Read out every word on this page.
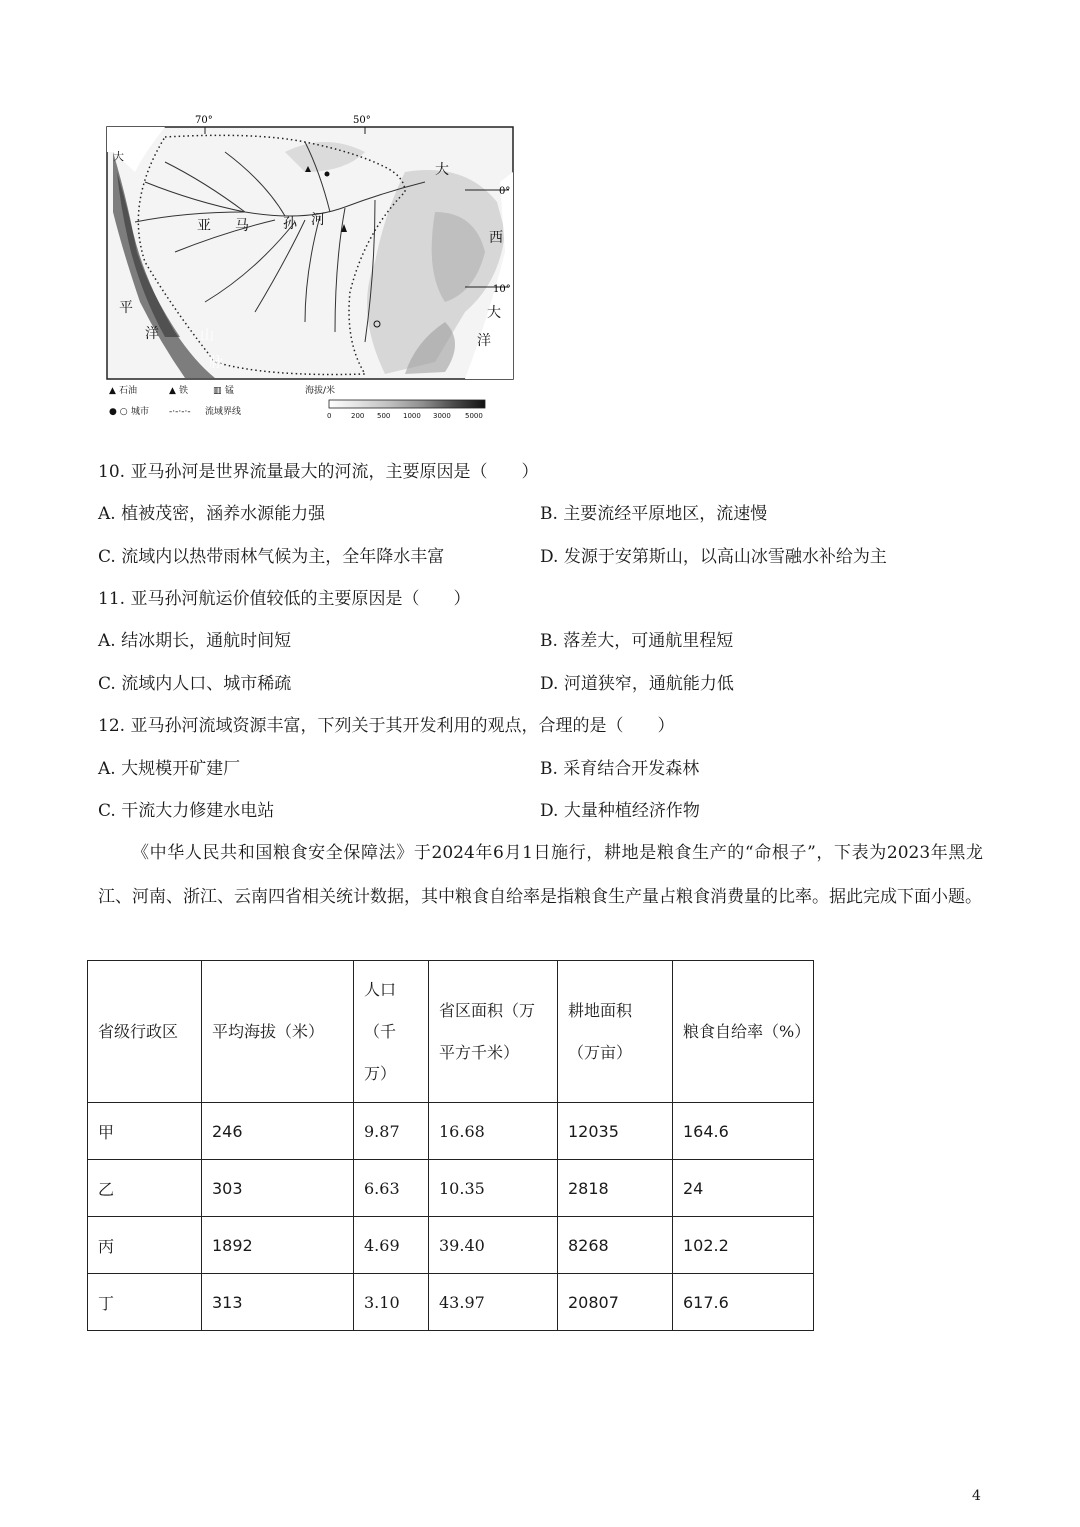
70°	50°
0°
10°
大
西
大
洋
大
平
洋
亚 马 孙 河
山
脉
▲ 石油	▲ 铁	▥ 锰
● ○ 城市 -·-·-·- 流域界线
海拔/米
0	200 500 1000 3000 5000
10. 亚马孙河是世界流量最大的河流，主要原因是（　　）
A. 植被茂密，涵养水源能力强	B. 主要流经平原地区，流速慢
C. 流域内以热带雨林气候为主，全年降水丰富	D. 发源于安第斯山，以高山冰雪融水补给为主
11. 亚马孙河航运价值较低的主要原因是（　　）
A. 结冰期长，通航时间短	B. 落差大，可通航里程短
C. 流域内人口、城市稀疏	D. 河道狭窄，通航能力低
12. 亚马孙河流域资源丰富，下列关于其开发利用的观点，合理的是（　　）
A. 大规模开矿建厂	B. 采育结合开发森林
C. 干流大力修建水电站	D. 大量种植经济作物

《中华人民共和国粮食安全保障法》于2024年6月1日施行，耕地是粮食生产的“命根子”，下表为2023年黑龙江、河南、浙江、云南四省相关统计数据，其中粮食自给率是指粮食生产量占粮食消费量的比率。据此完成下面小题。

省级行政区	平均海拔（米）	人口（千万）	省区面积（万平方千米）	耕地面积（万亩）	粮食自给率（%）
甲	246	9.87	16.68	12035	164.6
乙	303	6.63	10.35	2818	24
丙	1892	4.69	39.40	8268	102.2
丁	313	3.10	43.97	20807	617.6
4
